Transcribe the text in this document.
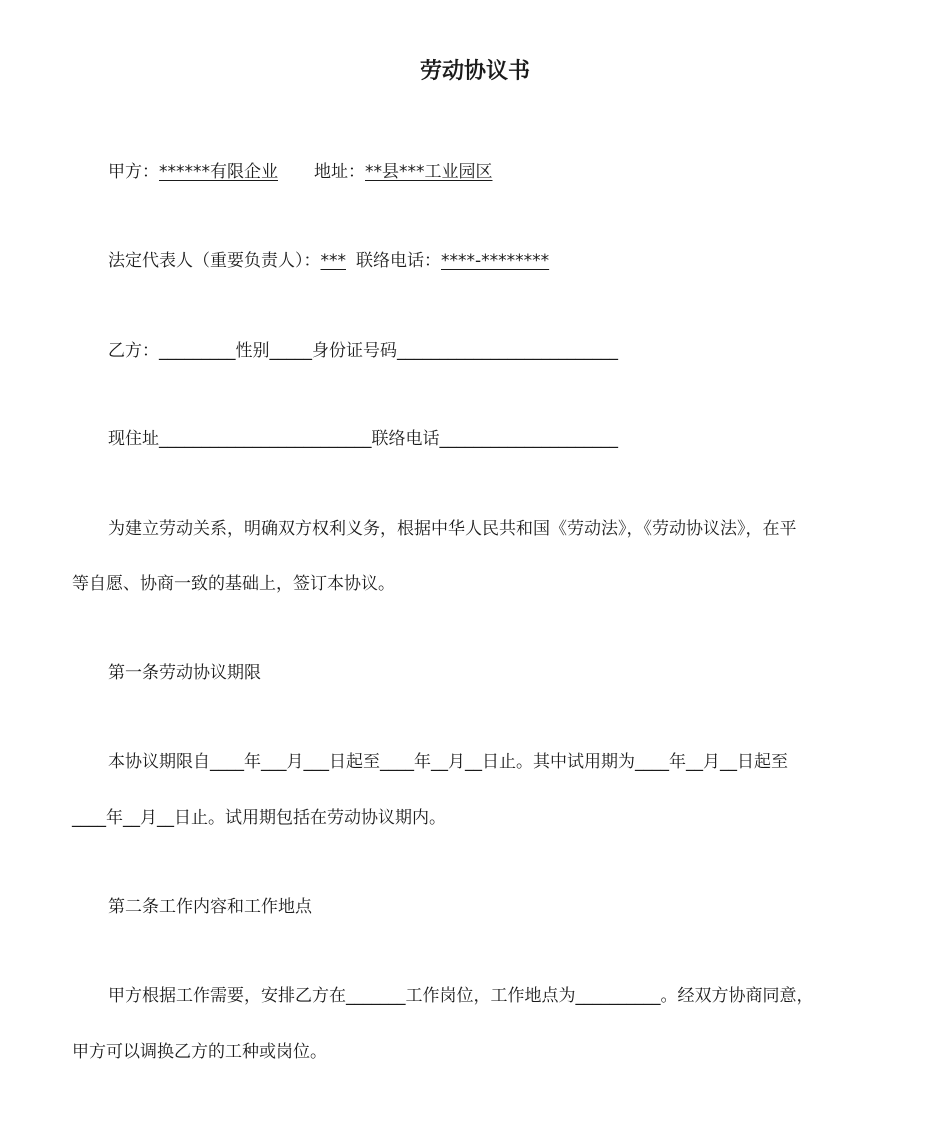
劳动协议书
甲方：******有限企业 地址：**县***工业园区
法定代表人（重要负责人）：*** 联络电话：****-********
乙方：_________性别_____身份证号码__________________________
现住址_________________________联络电话_____________________
为建立劳动关系，明确双方权利义务，根据中华人民共和国《劳动法》，《劳动协议法》，在平
等自愿、协商一致的基础上，签订本协议。
第一条劳动协议期限
本协议期限自____年___月___日起至____年__月__日止。其中试用期为____年__月__日起至
____年__月__日止。试用期包括在劳动协议期内。
第二条工作内容和工作地点
甲方根据工作需要，安排乙方在_______工作岗位，工作地点为__________。经双方协商同意，
甲方可以调换乙方的工种或岗位。
